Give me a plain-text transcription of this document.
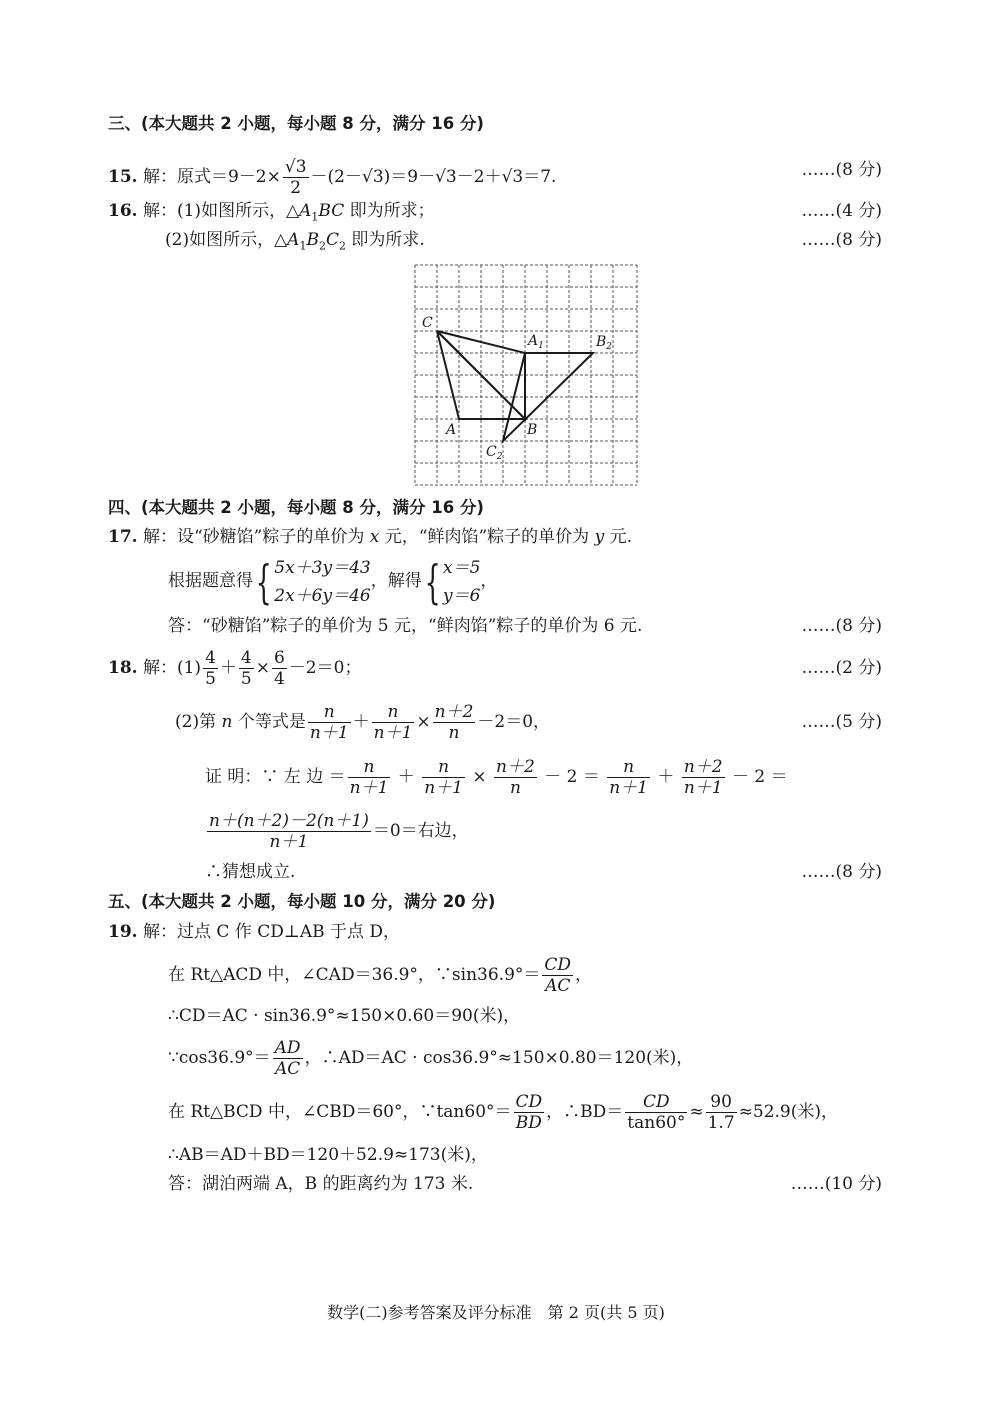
三、(本大题共 2 小题，每小题 8 分，满分 16 分)
15. 解：原式$=9-2\times \frac{√3}{2} -(2-√3)=9-√3-2+√3=7$.	……(8 分)
16. 解：(1)如图所示，$\triangle A_1BC$ 即为所求；	……(4 分)
(2)如图所示，$\triangle A_1B_2C_2$ 即为所求.	……(8 分)
C
$A_1$	$B_2$
A	B
$C_2$
四、(本大题共 2 小题，每小题 8 分，满分 16 分)
17. 解：设“砂糖馅”粽子的单价为 x 元，“鲜肉馅”粽子的单价为 y 元.
根据题意得{ 5x＋3y＝43
2x＋6y＝46
，解得{ x＝5
y＝6
，
答：“砂糖馅”粽子的单价为 5 元，“鲜肉馅”粽子的单价为 6 元.	……(8 分)
18. 解：$(1) \frac{4}{5} + \frac{4}{5} \times \frac{6}{4} -2=0$；	……(2 分)
(2)第 n 个等式是 $\frac{n}{n+1} + \frac{n}{n+1} \times \frac{n+2}{n} -2=0$，	……(5 分)
证 明：∵ 左 边 ＝ $\frac{n}{n+1} + \frac{n}{n+1} \times \frac{n+2}{n} - 2 = \frac{n}{n+1} + \frac{n+2}{n+1} - 2$ ＝
$\frac{n+(n+2)-2(n+1)}{n+1} =0=$右边，
∴猜想成立.	……(8 分)
五、(本大题共 2 小题，每小题 10 分，满分 20 分)
19. 解：过点 C 作 CD⊥AB 于点 D，
在 Rt△ACD 中，∠CAD＝36.9°，∵sin36.9°＝ $\frac{CD}{AC}$ ，
∴CD＝AC · sin36.9°≈150×0.60＝90(米)，
∵cos36.9°＝ $\frac{AD}{AC}$ ，∴AD＝AC · cos36.9°≈150×0.80＝120(米)，
在 Rt△BCD 中，∠CBD＝60°，∵tan60°＝ $\frac{CD}{BD}$ ，∴BD＝ $\frac{CD}{\tan 60^\circ} \approx \frac{90}{1.7} \approx 52.9$(米)，
∴AB＝AD＋BD＝120＋52.9≈173(米)，
答：湖泊两端 A，B 的距离约为 173 米.	……(10 分)
数学(二)参考答案及评分标准　第 2 页(共 5 页)
